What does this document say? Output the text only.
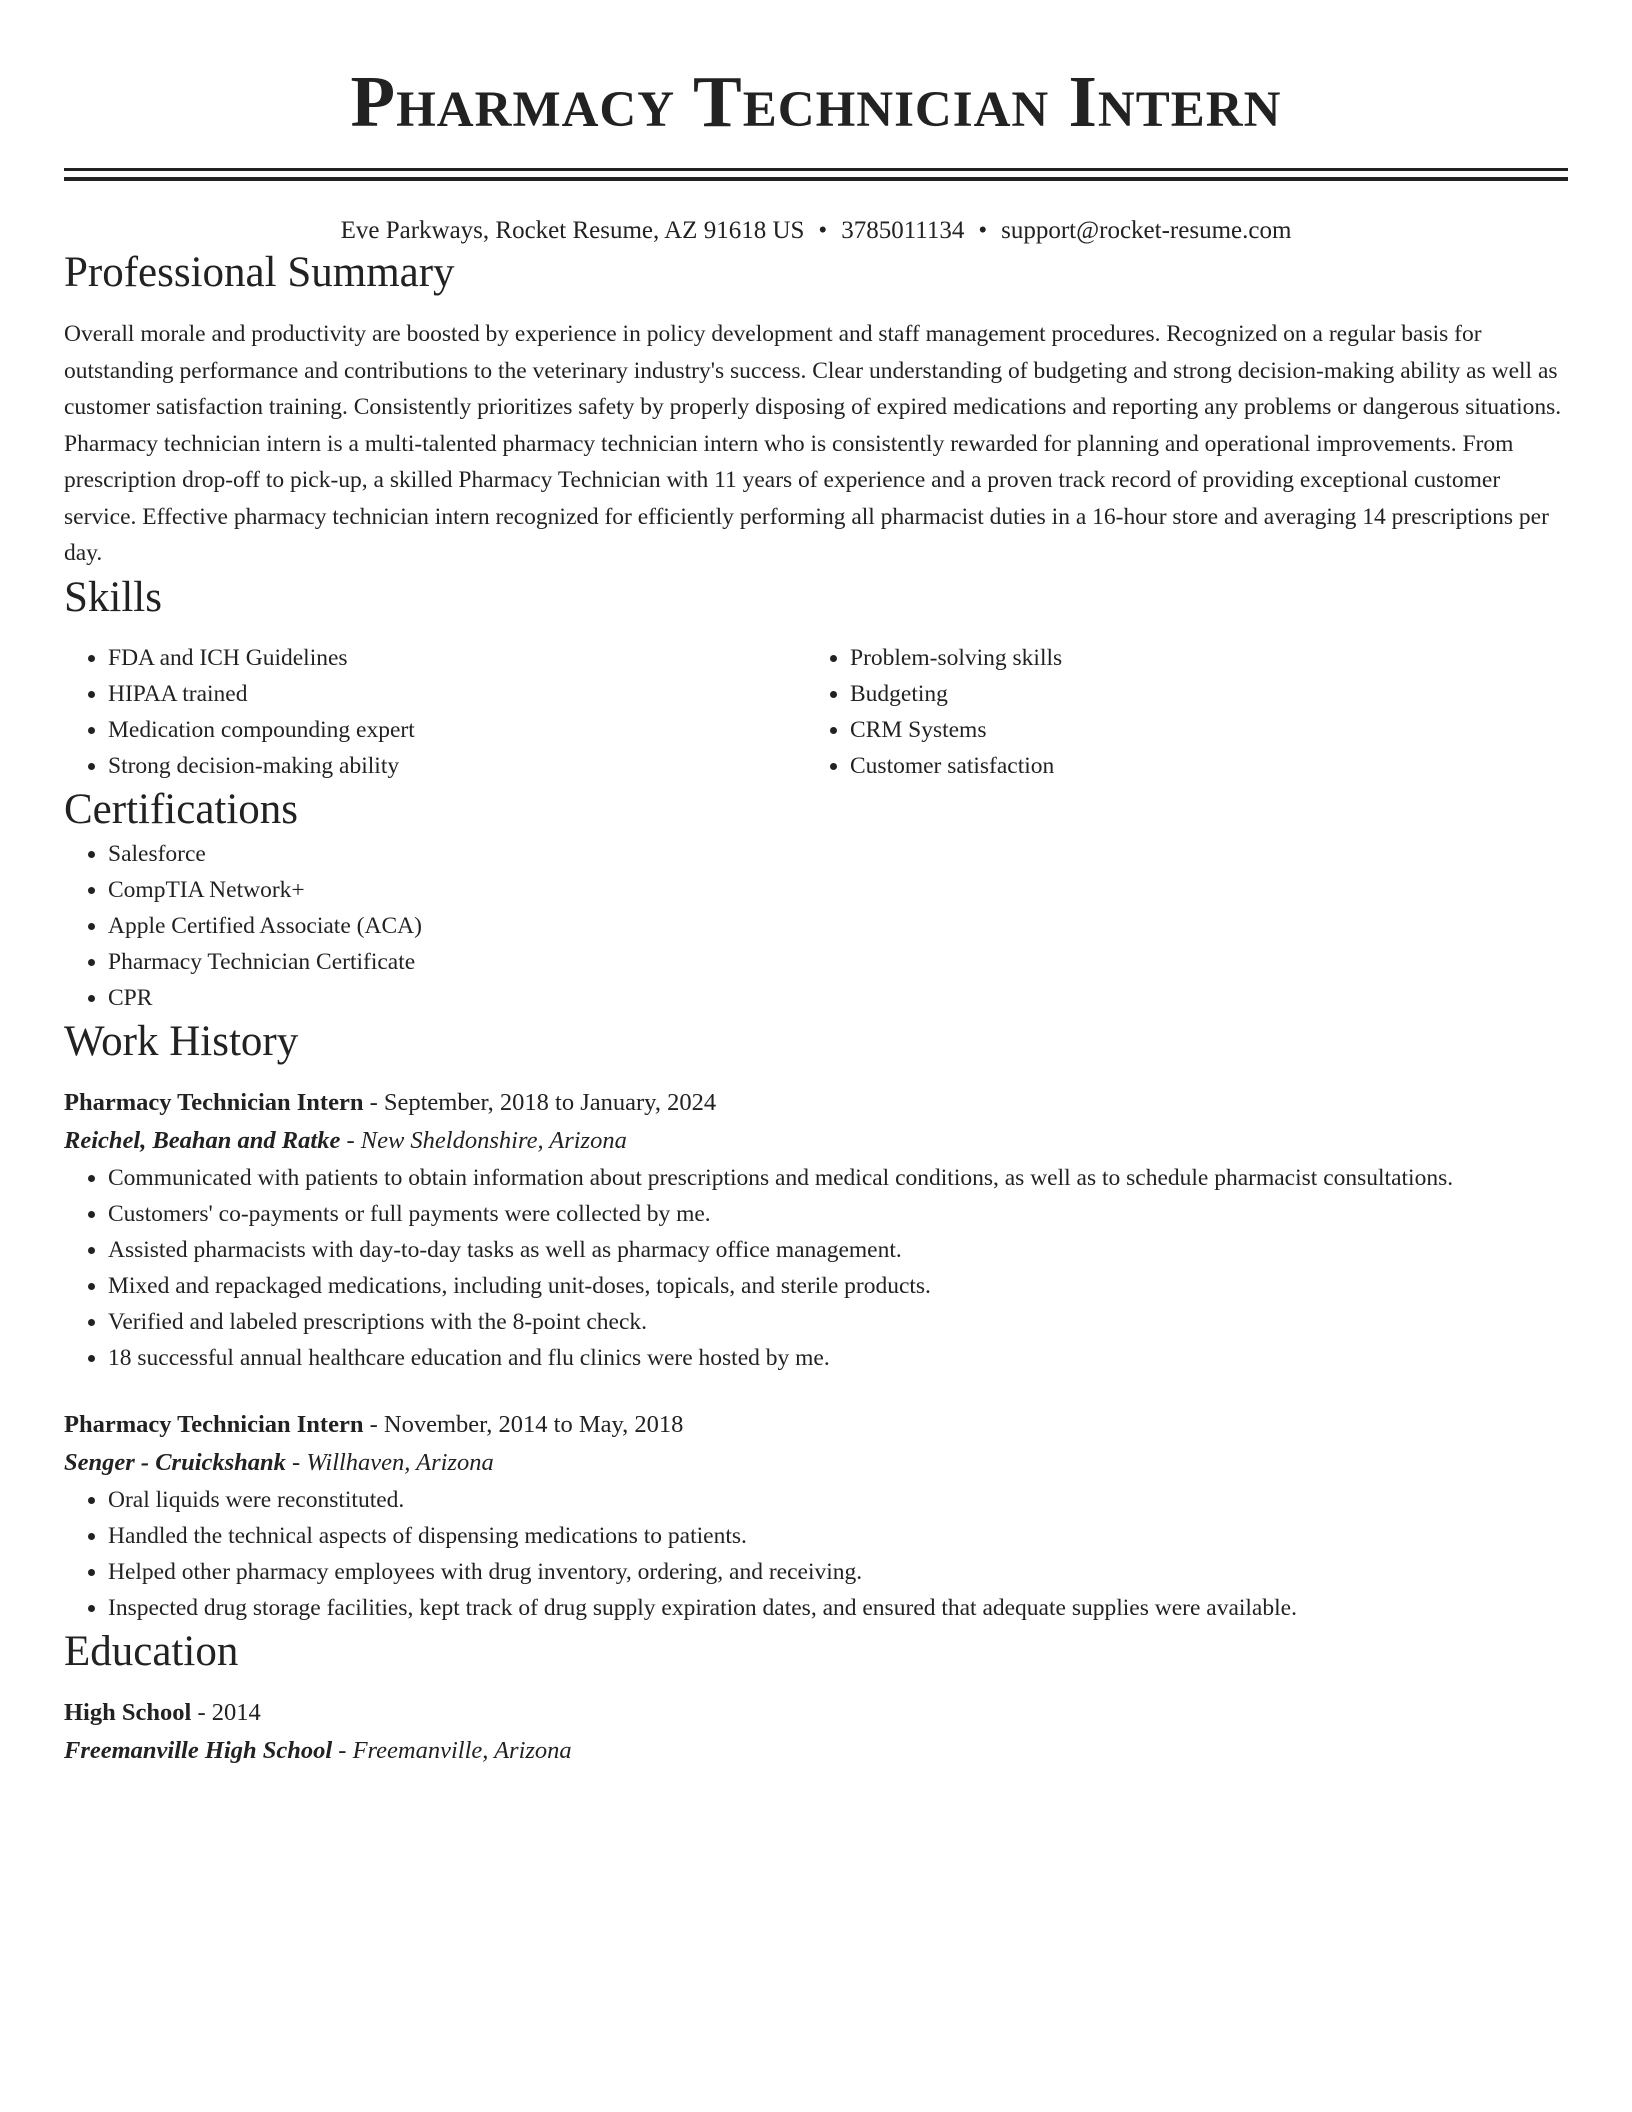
Pharmacy Technician Intern
Eve Parkways, Rocket Resume, AZ 91618 US • 3785011134 • support@rocket-resume.com
Professional Summary

Overall morale and productivity are boosted by experience in policy development and staff management procedures. Recognized on a regular basis for outstanding performance and contributions to the veterinary industry's success. Clear understanding of budgeting and strong decision-making ability as well as customer satisfaction training. Consistently prioritizes safety by properly disposing of expired medications and reporting any problems or dangerous situations. Pharmacy technician intern is a multi-talented pharmacy technician intern who is consistently rewarded for planning and operational improvements. From prescription drop-off to pick-up, a skilled Pharmacy Technician with 11 years of experience and a proven track record of providing exceptional customer service. Effective pharmacy technician intern recognized for efficiently performing all pharmacist duties in a 16-hour store and averaging 14 prescriptions per day.

Skills
• FDA and ICH Guidelines
• HIPAA trained
• Medication compounding expert
• Strong decision-making ability
• Problem-solving skills
• Budgeting
• CRM Systems
• Customer satisfaction
Certifications
• Salesforce
• CompTIA Network+
• Apple Certified Associate (ACA)
• Pharmacy Technician Certificate
• CPR
Work History
Pharmacy Technician Intern - September, 2018 to January, 2024
Reichel, Beahan and Ratke - New Sheldonshire, Arizona
• Communicated with patients to obtain information about prescriptions and medical conditions, as well as to schedule pharmacist consultations.
• Customers' co-payments or full payments were collected by me.
• Assisted pharmacists with day-to-day tasks as well as pharmacy office management.
• Mixed and repackaged medications, including unit-doses, topicals, and sterile products.
• Verified and labeled prescriptions with the 8-point check.
• 18 successful annual healthcare education and flu clinics were hosted by me.
Pharmacy Technician Intern - November, 2014 to May, 2018
Senger - Cruickshank - Willhaven, Arizona
• Oral liquids were reconstituted.
• Handled the technical aspects of dispensing medications to patients.
• Helped other pharmacy employees with drug inventory, ordering, and receiving.
• Inspected drug storage facilities, kept track of drug supply expiration dates, and ensured that adequate supplies were available.
Education
High School - 2014
Freemanville High School - Freemanville, Arizona
